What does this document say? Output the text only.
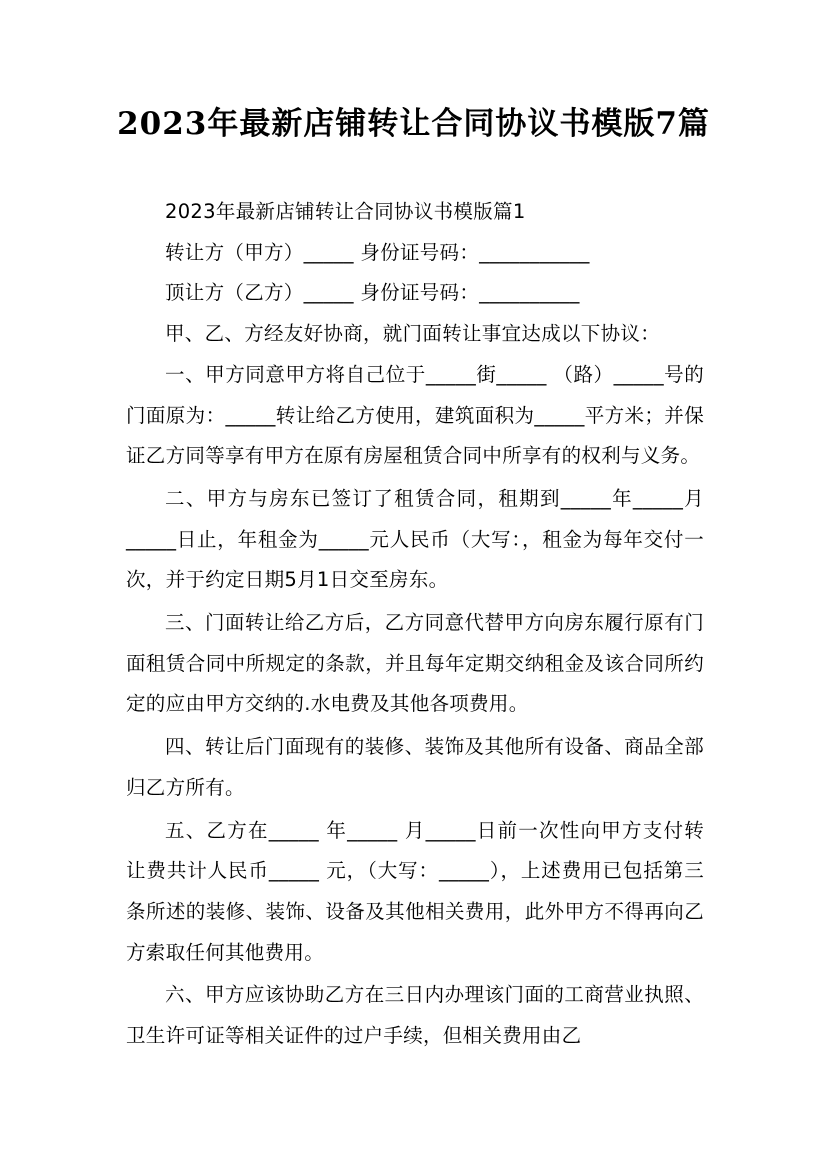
2023年最新店铺转让合同协议书模版7篇

2023年最新店铺转让合同协议书模版篇1

转让方（甲方）_____ 身份证号码：___________

顶让方（乙方）_____ 身份证号码：__________

甲、乙、方经友好协商，就门面转让事宜达成以下协议：

一、甲方同意甲方将自己位于_____街_____ （路）_____号的门面原为：_____转让给乙方使用，建筑面积为_____平方米；并保证乙方同等享有甲方在原有房屋租赁合同中所享有的权利与义务。

二、甲方与房东已签订了租赁合同，租期到_____年_____月_____日止，年租金为_____元人民币（大写：，租金为每年交付一次，并于约定日期5月1日交至房东。

三、门面转让给乙方后，乙方同意代替甲方向房东履行原有门面租赁合同中所规定的条款，并且每年定期交纳租金及该合同所约定的应由甲方交纳的.水电费及其他各项费用。

四、转让后门面现有的装修、装饰及其他所有设备、商品全部归乙方所有。

五、乙方在_____ 年_____ 月_____日前一次性向甲方支付转让费共计人民币_____ 元，（大写：_____），上述费用已包括第三条所述的装修、装饰、设备及其他相关费用，此外甲方不得再向乙方索取任何其他费用。

六、甲方应该协助乙方在三日内办理该门面的工商营业执照、卫生许可证等相关证件的过户手续，但相关费用由乙
